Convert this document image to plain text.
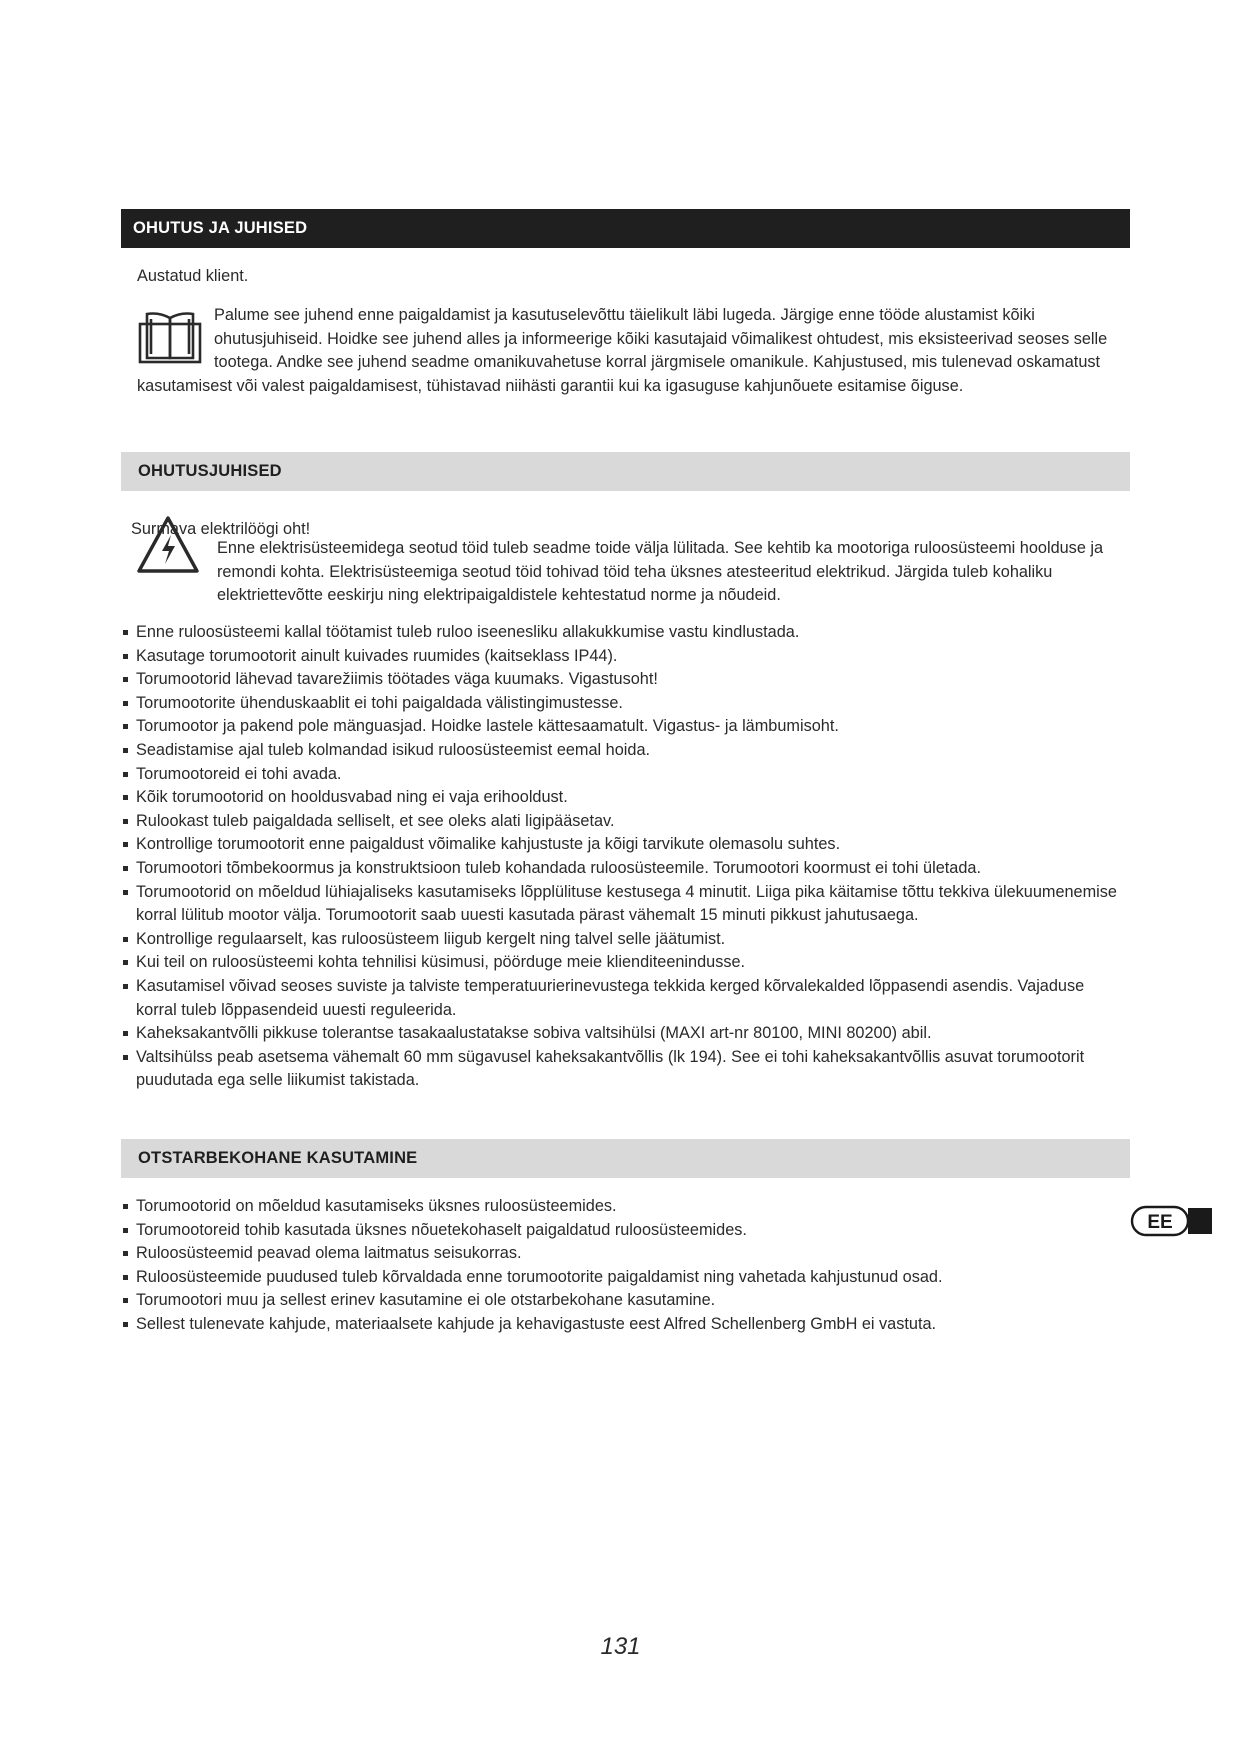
OHUTUS JA JUHISED
Austatud klient.

Palume see juhend enne paigaldamist ja kasutuselevõttu täielikult läbi lugeda. Järgige enne tööde alustamist kõiki ohutusjuhiseid. Hoidke see juhend alles ja informeerige kõiki kasutajaid võimalikest ohtudest, mis eksisteerivad seoses selle tootega. Andke see juhend seadme omanikuvahetuse korral järgmisele omanikule. Kahjustused, mis tulenevad oskamatust kasutamisest või valest paigaldamisest, tühistavad niihästi garantii kui ka igasuguse kahjunõuete esitamise õiguse.

OHUTUSJUHISED
Surmava elektrilöögi oht!
Enne elektrisüsteemidega seotud töid tuleb seadme toide välja lülitada. See kehtib ka mootoriga ruloosüsteemi hoolduse ja remondi kohta. Elektrisüsteemiga seotud töid tohivad töid teha üksnes atesteeritud elektrikud. Järgida tuleb kohaliku elektriettevõtte eeskirju ning elektripaigaldistele kehtestatud norme ja nõudeid.
Enne ruloosüsteemi kallal töötamist tuleb ruloo iseenesliku allakukkumise vastu kindlustada.
Kasutage torumootorit ainult kuivades ruumides (kaitseklass IP44).
Torumootorid lähevad tavarežiimis töötades väga kuumaks. Vigastusoht!
Torumootorite ühenduskaablit ei tohi paigaldada välistingimustesse.
Torumootor ja pakend pole mänguasjad. Hoidke lastele kättesaamatult. Vigastus- ja lämbumisoht.
Seadistamise ajal tuleb kolmandad isikud ruloosüsteemist eemal hoida.
Torumootoreid ei tohi avada.
Kõik torumootorid on hooldusvabad ning ei vaja erihooldust.
Rulookast tuleb paigaldada selliselt, et see oleks alati ligipääsetav.
Kontrollige torumootorit enne paigaldust võimalike kahjustuste ja kõigi tarvikute olemasolu suhtes.
Torumootori tõmbekoormus ja konstruktsioon tuleb kohandada ruloosüsteemile. Torumootori koormust ei tohi ületada.
Torumootorid on mõeldud lühiajaliseks kasutamiseks lõpplülituse kestusega 4 minutit. Liiga pika käitamise tõttu tekkiva ülekuumenemise korral lülitub mootor välja. Torumootorit saab uuesti kasutada pärast vähemalt 15 minuti pikkust jahutusaega.
Kontrollige regulaarselt, kas ruloosüsteem liigub kergelt ning talvel selle jäätumist.
Kui teil on ruloosüsteemi kohta tehnilisi küsimusi, pöörduge meie klienditeenindusse.
Kasutamisel võivad seoses suviste ja talviste temperatuurierinevustega tekkida kerged kõrvalekalded lõppasendi asendis. Vajaduse korral tuleb lõppasendeid uuesti reguleerida.
Kaheksakantvõlli pikkuse tolerantse tasakaalustatakse sobiva valtsihülsi (MAXI art-nr 80100, MINI 80200) abil.
Valtsihülss peab asetsema vähemalt 60 mm sügavusel kaheksakantvõllis (lk 194). See ei tohi kaheksakantvõllis asuvat torumootorit puudutada ega selle liikumist takistada.
OTSTARBEKOHANE KASUTAMINE
Torumootorid on mõeldud kasutamiseks üksnes ruloosüsteemides.
Torumootoreid tohib kasutada üksnes nõuetekohaselt paigaldatud ruloosüsteemides.
Ruloosüsteemid peavad olema laitmatus seisukorras.
Ruloosüsteemide puudused tuleb kõrvaldada enne torumootorite paigaldamist ning vahetada kahjustunud osad.
Torumootori muu ja sellest erinev kasutamine ei ole otstarbekohane kasutamine.
Sellest tulenevate kahjude, materiaalsete kahjude ja kehavigastuste eest Alfred Schellenberg GmbH ei vastuta.
EE
131
